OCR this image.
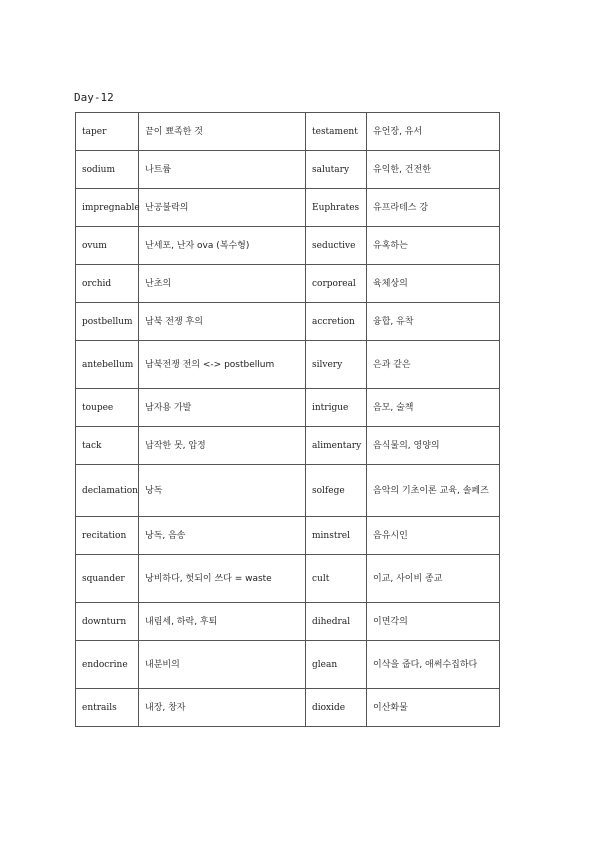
Day-12
taper	끝이 뾰족한 것	testament	유언장, 유서
sodium	나트륨	salutary	유익한, 건전한
impregnable	난공불락의	Euphrates	유프라테스 강
ovum	난세포, 난자 ova (복수형)	seductive	유혹하는
orchid	난초의	corporeal	육체상의
postbellum	남북 전쟁 후의	accretion	융합, 유착
antebellum	남북전쟁 전의 <-> postbellum	silvery	은과 같은
toupee	남자용 가발	intrigue	음모, 술책
tack	납작한 못, 압정	alimentary	음식물의, 영양의
declamation	낭독	solfege	음악의 기초이론 교육, 솔페즈
recitation	낭독, 음송	minstrel	음유시인
squander	낭비하다, 헛되이 쓰다 = waste	cult	이교, 사이비 종교
downturn	내림세, 하락, 후퇴	dihedral	이면각의
endocrine	내분비의	glean	이삭을 줍다, 애써수집하다
entrails	내장, 창자	dioxide	이산화물
